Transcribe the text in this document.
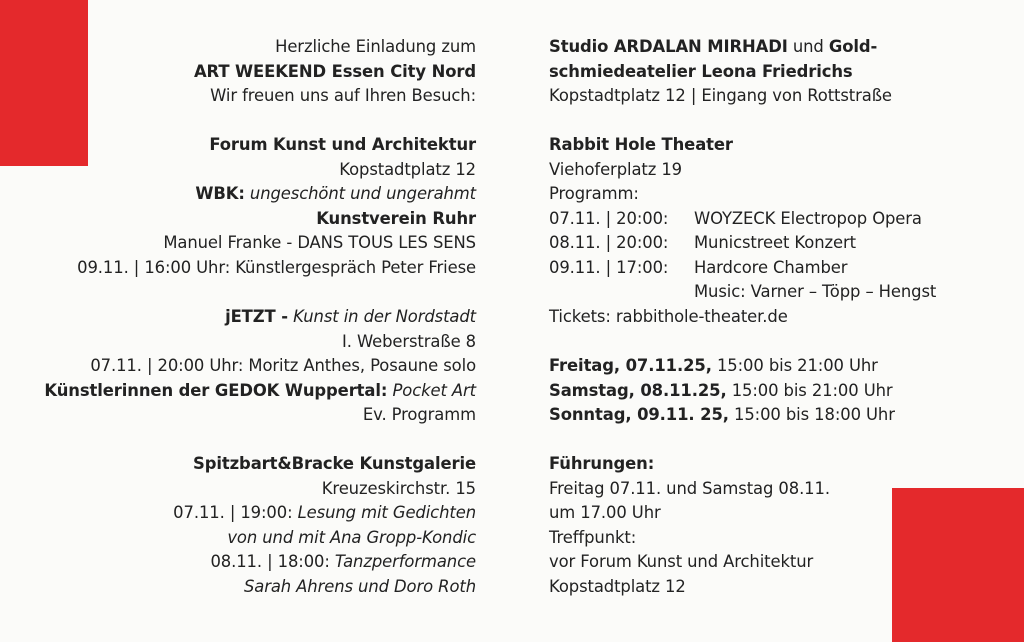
Herzliche Einladung zum
ART WEEKEND Essen City Nord
Wir freuen uns auf Ihren Besuch:
Forum Kunst und Architektur
Kopstadtplatz 12
WBK: ungeschönt und ungerahmt
Kunstverein Ruhr
Manuel Franke - DANS TOUS LES SENS
09.11. | 16:00 Uhr: Künstlergespräch Peter Friese
jETZT - Kunst in der Nordstadt
I. Weberstraße 8
07.11. | 20:00 Uhr: Moritz Anthes, Posaune solo
Künstlerinnen der GEDOK Wuppertal: Pocket Art
Ev. Programm
Spitzbart&Bracke Kunstgalerie
Kreuzeskirchstr. 15
07.11. | 19:00: Lesung mit Gedichten
von und mit Ana Gropp-Kondic
08.11. | 18:00: Tanzperformance
Sarah Ahrens und Doro Roth
Studio ARDALAN MIRHADI und Gold-
schmiedeatelier Leona Friedrichs
Kopstadtplatz 12 | Eingang von Rottstraße
Rabbit Hole Theater
Viehoferplatz 19
Programm:
07.11. | 20:00: WOYZECK Electropop Opera
08.11. | 20:00: Municstreet Konzert
09.11. | 17:00: Hardcore Chamber
Music: Varner – Töpp – Hengst
Tickets: rabbithole-theater.de
Freitag, 07.11.25, 15:00 bis 21:00 Uhr
Samstag, 08.11.25, 15:00 bis 21:00 Uhr
Sonntag, 09.11. 25, 15:00 bis 18:00 Uhr
Führungen:
Freitag 07.11. und Samstag 08.11.
um 17.00 Uhr
Treffpunkt:
vor Forum Kunst und Architektur
Kopstadtplatz 12
